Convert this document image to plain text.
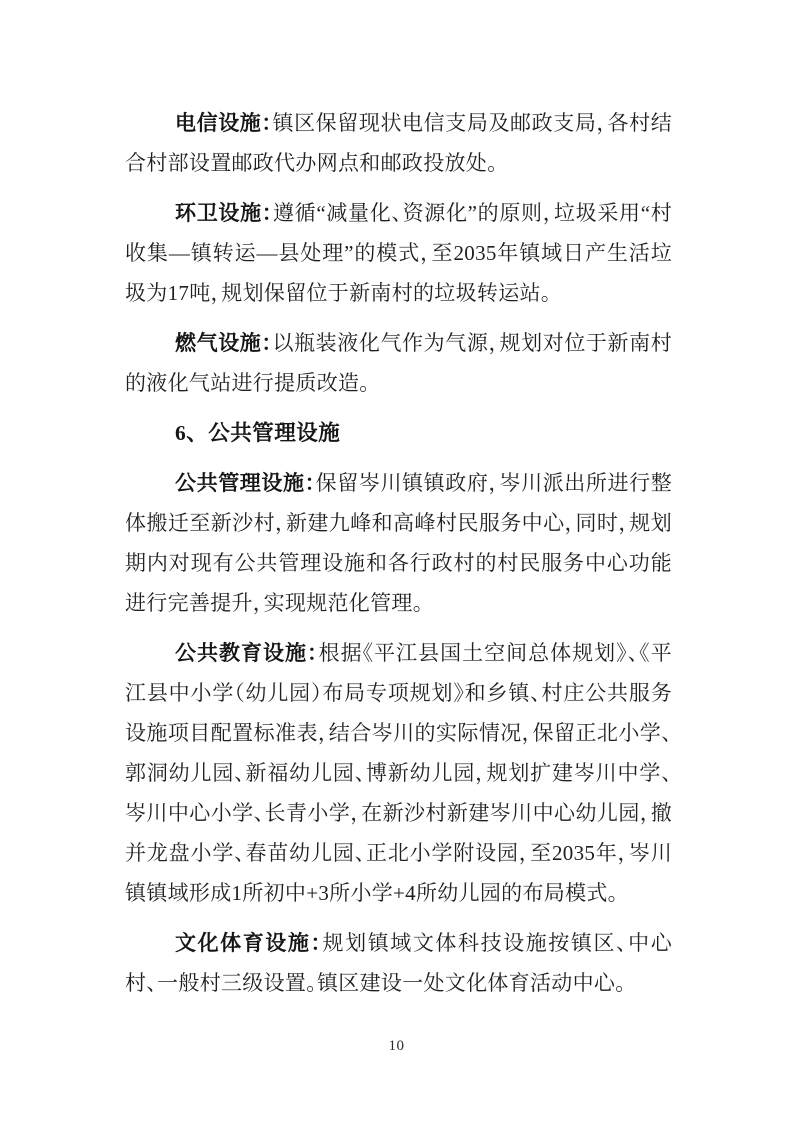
电信设施：镇区保留现状电信支局及邮政支局，各村结合村部设置邮政代办网点和邮政投放处。

环卫设施：遵循“减量化、资源化”的原则，垃圾采用“村收集—镇转运—县处理”的模式，至2035年镇域日产生活垃圾为17吨，规划保留位于新南村的垃圾转运站。

燃气设施：以瓶装液化气作为气源，规划对位于新南村的液化气站进行提质改造。

6、公共管理设施

公共管理设施：保留岑川镇镇政府，岑川派出所进行整体搬迁至新沙村，新建九峰和高峰村民服务中心，同时，规划期内对现有公共管理设施和各行政村的村民服务中心功能进行完善提升，实现规范化管理。

公共教育设施：根据《平江县国土空间总体规划》、《平江县中小学（幼儿园）布局专项规划》和乡镇、村庄公共服务设施项目配置标准表，结合岑川的实际情况，保留正北小学、郭洞幼儿园、新福幼儿园、博新幼儿园，规划扩建岑川中学、岑川中心小学、长青小学，在新沙村新建岑川中心幼儿园，撤并龙盘小学、春苗幼儿园、正北小学附设园，至2035年，岑川镇镇域形成1所初中+3所小学+4所幼儿园的布局模式。

文化体育设施：规划镇域文体科技设施按镇区、中心村、一般村三级设置。镇区建设一处文化体育活动中心。

10
